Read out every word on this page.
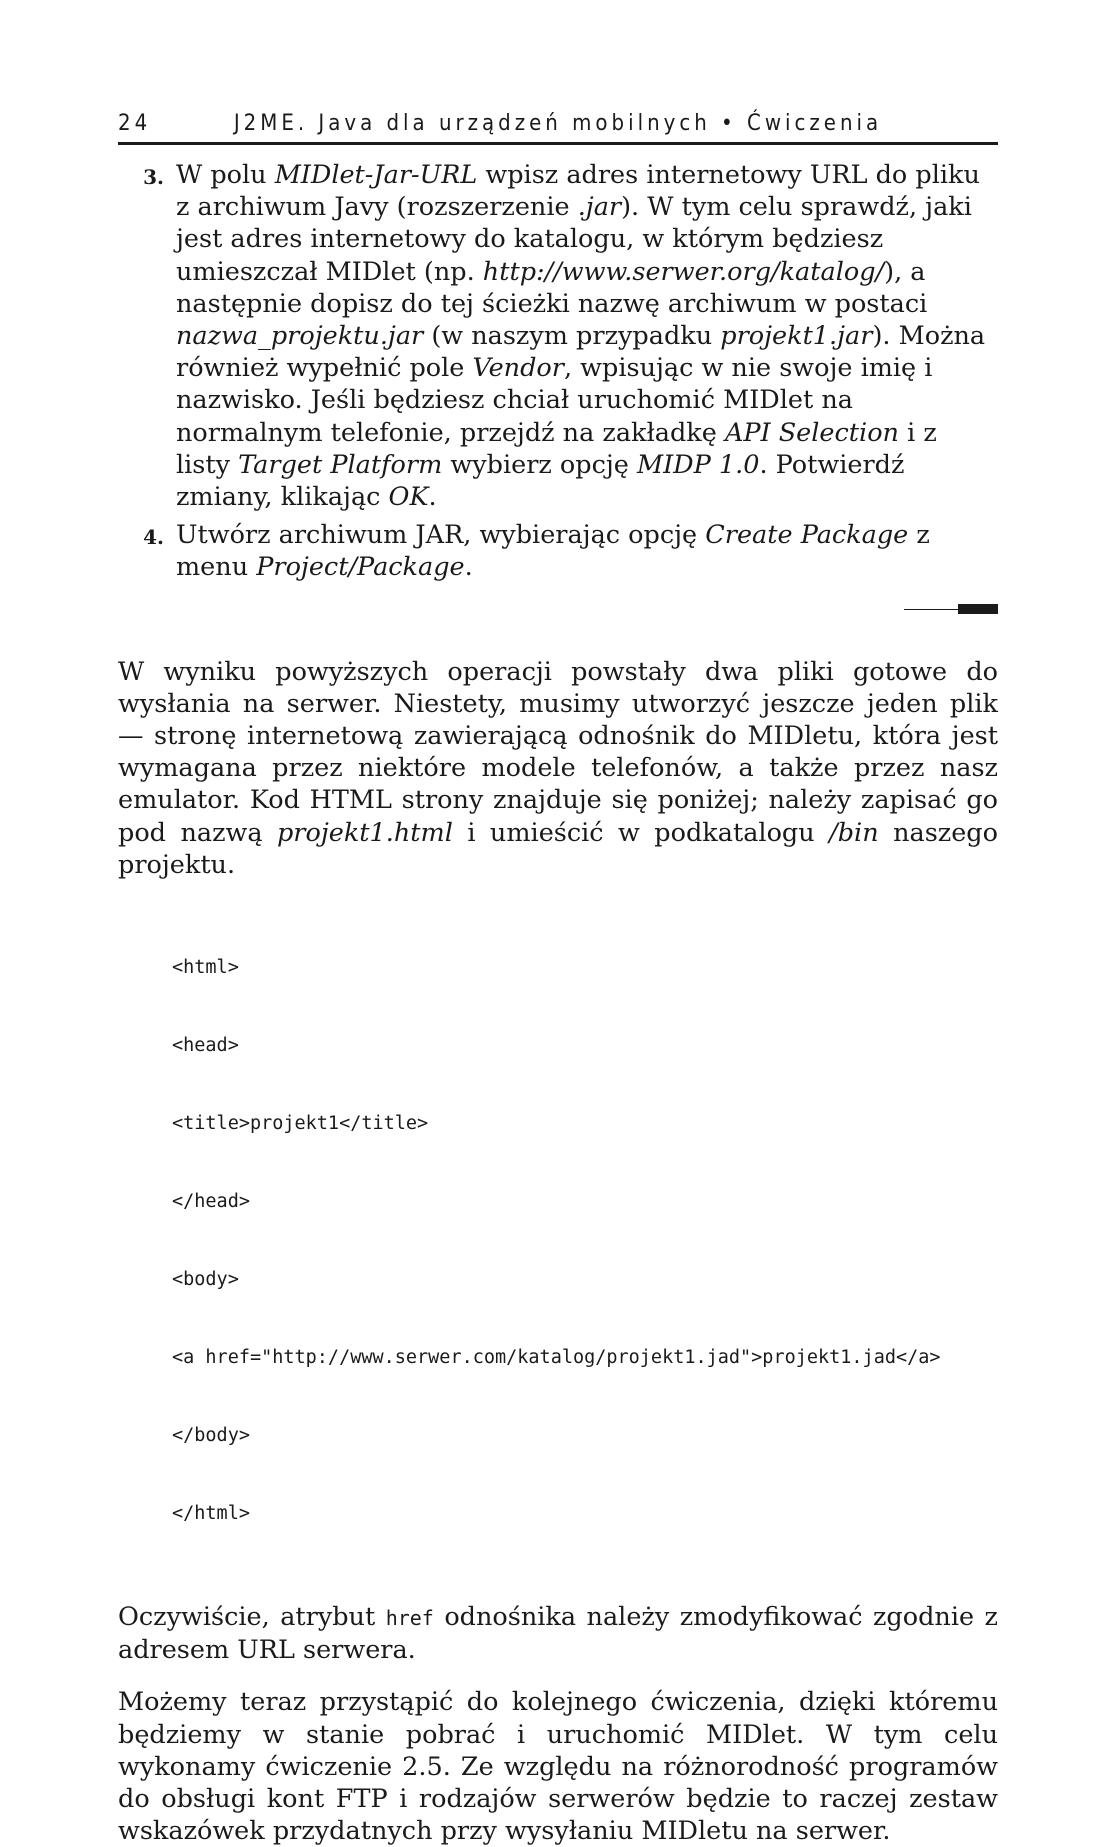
24	J2ME. Java dla urządzeń mobilnych • Ćwiczenia
3. W polu MIDlet-Jar-URL wpisz adres internetowy URL do pliku z archiwum Javy (rozszerzenie .jar). W tym celu sprawdź, jaki jest adres internetowy do katalogu, w którym będziesz umieszczał MIDlet (np. http://www.serwer.org/katalog/), a następnie dopisz do tej ścieżki nazwę archiwum w postaci nazwa_projektu.jar (w naszym przypadku projekt1.jar). Można również wypełnić pole Vendor, wpisując w nie swoje imię i nazwisko. Jeśli będziesz chciał uruchomić MIDlet na normalnym telefonie, przejdź na zakładkę API Selection i z listy Target Platform wybierz opcję MIDP 1.0. Potwierdź zmiany, klikając OK.
4. Utwórz archiwum JAR, wybierając opcję Create Package z menu Project/Package.

W wyniku powyższych operacji powstały dwa pliki gotowe do wysłania na serwer. Niestety, musimy utworzyć jeszcze jeden plik — stronę internetową zawierającą odnośnik do MIDletu, która jest wymagana przez niektóre modele telefonów, a także przez nasz emulator. Kod HTML strony znajduje się poniżej; należy zapisać go pod nazwą projekt1.html i umieścić w podkatalogu /bin naszego projektu.

<html>

<head>

<title>projekt1</title>

</head>

<body>

<a href="http://www.serwer.com/katalog/projekt1.jad">projekt1.jad</a>

</body>

</html>

Oczywiście, atrybut href odnośnika należy zmodyfikować zgodnie z adresem URL serwera.

Możemy teraz przystąpić do kolejnego ćwiczenia, dzięki któremu będziemy w stanie pobrać i uruchomić MIDlet. W tym celu wykonamy ćwiczenie 2.5. Ze względu na różnorodność programów do obsługi kont FTP i rodzajów serwerów będzie to raczej zestaw wskazówek przydatnych przy wysyłaniu MIDletu na serwer.
